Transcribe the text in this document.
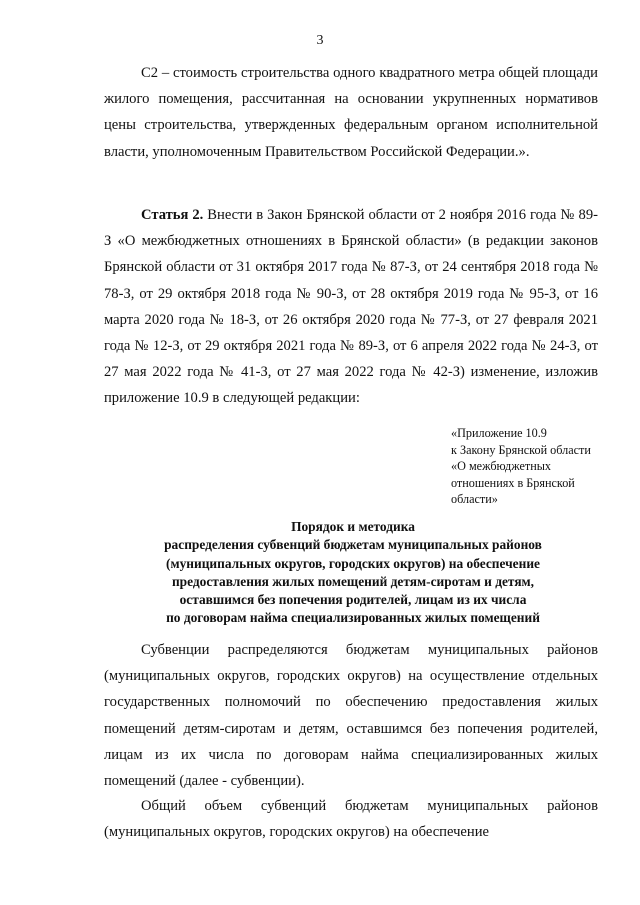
3
С2 – стоимость строительства одного квадратного метра общей площади жилого помещения, рассчитанная на основании укрупненных нормативов цены строительства, утвержденных федеральным органом исполнительной власти, уполномоченным Правительством Российской Федерации.».
Статья 2. Внести в Закон Брянской области от 2 ноября 2016 года № 89-З «О межбюджетных отношениях в Брянской области» (в редакции законов Брянской области от 31 октября 2017 года № 87-З, от 24 сентября 2018 года № 78-З, от 29 октября 2018 года № 90-З, от 28 октября 2019 года № 95-З, от 16 марта 2020 года № 18-З, от 26 октября 2020 года № 77-З, от 27 февраля 2021 года № 12-З, от 29 октября 2021 года № 89-З, от 6 апреля 2022 года № 24-З, от 27 мая 2022 года № 41-З, от 27 мая 2022 года № 42-З) изменение, изложив приложение 10.9 в следующей редакции:
«Приложение 10.9
к Закону Брянской области
«О межбюджетных
отношениях в Брянской
области»
Порядок и методика
распределения субвенций бюджетам муниципальных районов
(муниципальных округов, городских округов) на обеспечение
предоставления жилых помещений детям-сиротам и детям,
оставшимся без попечения родителей, лицам из их числа
по договорам найма специализированных жилых помещений
Субвенции распределяются бюджетам муниципальных районов (муниципальных округов, городских округов) на осуществление отдельных государственных полномочий по обеспечению предоставления жилых помещений детям-сиротам и детям, оставшимся без попечения родителей, лицам из их числа по договорам найма специализированных жилых помещений (далее - субвенции).
Общий объем субвенций бюджетам муниципальных районов (муниципальных округов, городских округов) на обеспечение
